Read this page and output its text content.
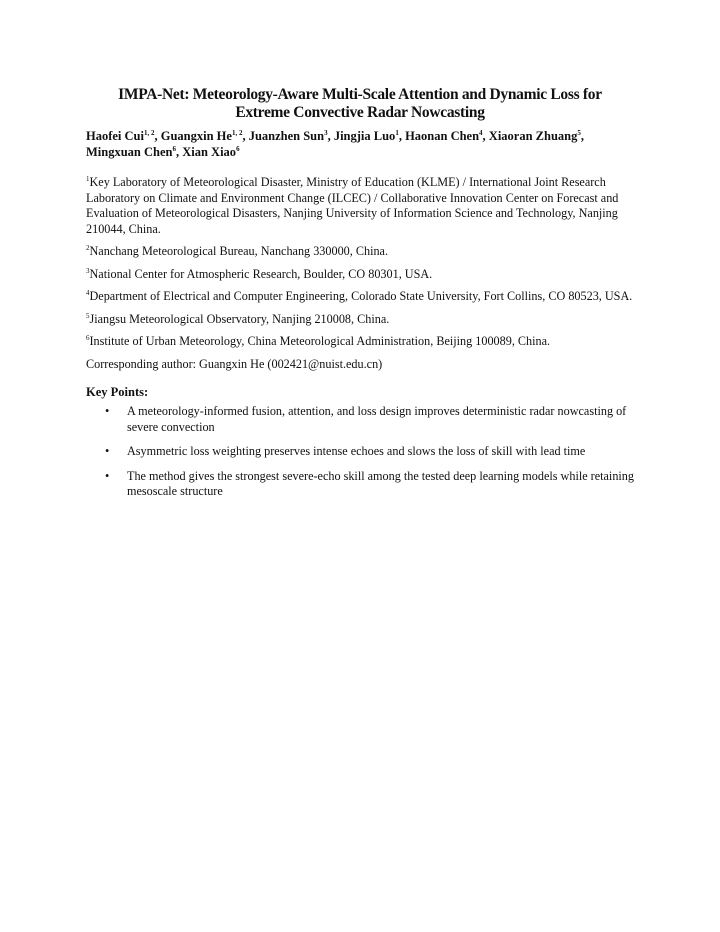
IMPA-Net: Meteorology-Aware Multi-Scale Attention and Dynamic Loss for
Extreme Convective Radar Nowcasting
Haofei Cui$^{1, 2}$, Guangxin He$^{1, 2}$, Juanzhen Sun$^3$, Jingjia Luo$^1$, Haonan Chen$^4$, Xiaoran Zhuang$^5$, Mingxuan Chen$^6$, Xian Xiao$^6$

$^1$Key Laboratory of Meteorological Disaster, Ministry of Education (KLME) / International Joint Research Laboratory on Climate and Environment Change (ILCEC) / Collaborative Innovation Center on Forecast and Evaluation of Meteorological Disasters, Nanjing University of Information Science and Technology, Nanjing 210044, China.

$^2$Nanchang Meteorological Bureau, Nanchang 330000, China.

$^3$National Center for Atmospheric Research, Boulder, CO 80301, USA.

$^4$Department of Electrical and Computer Engineering, Colorado State University, Fort Collins, CO 80523, USA.

$^5$Jiangsu Meteorological Observatory, Nanjing 210008, China.

$^6$Institute of Urban Meteorology, China Meteorological Administration, Beijing 100089, China.

Corresponding author: Guangxin He (002421@nuist.edu.cn)

Key Points:

• A meteorology-informed fusion, attention, and loss design improves deterministic radar nowcasting of severe convection
• Asymmetric loss weighting preserves intense echoes and slows the loss of skill with lead time
• The method gives the strongest severe-echo skill among the tested deep learning models while retaining mesoscale structure
